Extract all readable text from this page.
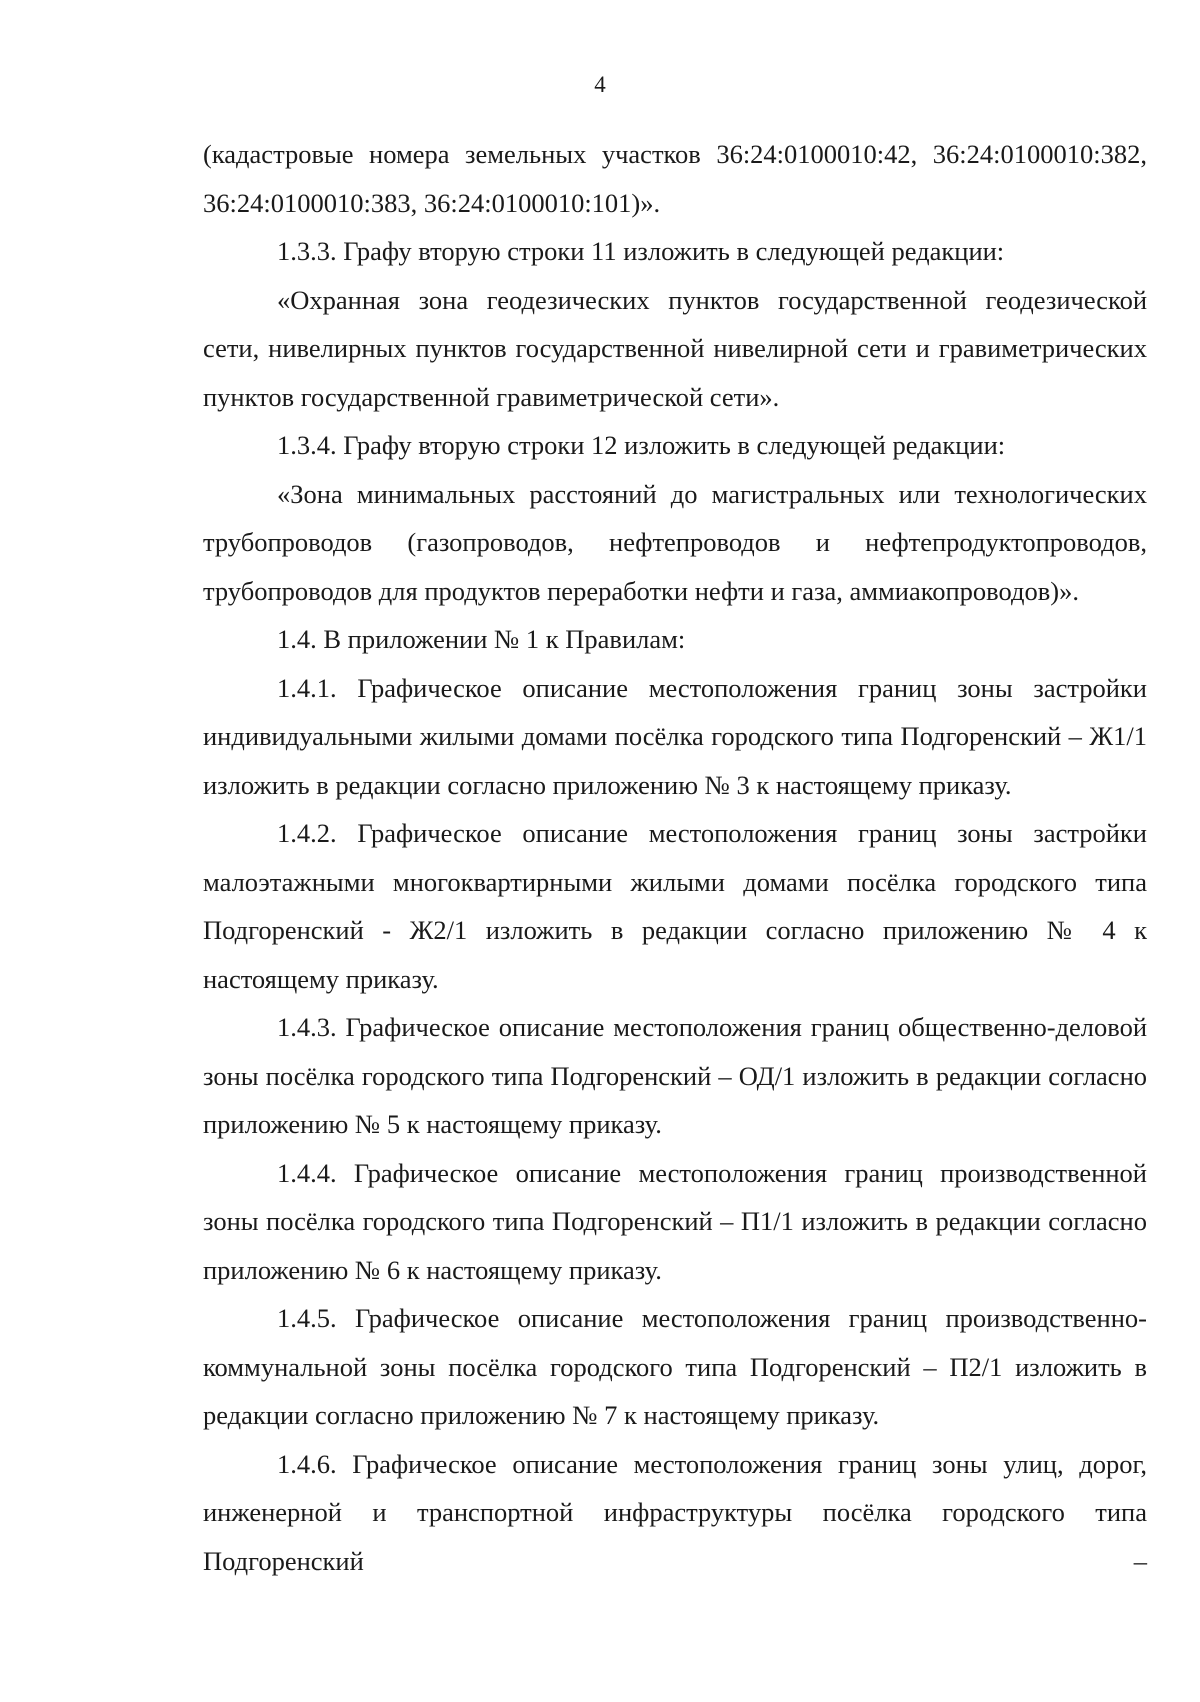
4

(кадастровые номера земельных участков 36:24:0100010:42, 36:24:0100010:382, 36:24:0100010:383, 36:24:0100010:101)».

1.3.3. Графу вторую строки 11 изложить в следующей редакции:

«Охранная зона геодезических пунктов государственной геодезической сети, нивелирных пунктов государственной нивелирной сети и гравиметрических пунктов государственной гравиметрической сети».

1.3.4. Графу вторую строки 12 изложить в следующей редакции:

«Зона минимальных расстояний до магистральных или технологических трубопроводов (газопроводов, нефтепроводов и нефтепродуктопроводов, трубопроводов для продуктов переработки нефти и газа, аммиакопроводов)».

1.4. В приложении № 1 к Правилам:

1.4.1. Графическое описание местоположения границ зоны застройки индивидуальными жилыми домами посёлка городского типа Подгоренский – Ж1/1 изложить в редакции согласно приложению № 3 к настоящему приказу.

1.4.2. Графическое описание местоположения границ зоны застройки малоэтажными многоквартирными жилыми домами посёлка городского типа Подгоренский - Ж2/1 изложить в редакции согласно приложению № 4 к настоящему приказу.

1.4.3. Графическое описание местоположения границ общественно-деловой зоны посёлка городского типа Подгоренский – ОД/1 изложить в редакции согласно приложению № 5 к настоящему приказу.

1.4.4. Графическое описание местоположения границ производственной зоны посёлка городского типа Подгоренский – П1/1 изложить в редакции согласно приложению № 6 к настоящему приказу.

1.4.5. Графическое описание местоположения границ производственно-коммунальной зоны посёлка городского типа Подгоренский – П2/1 изложить в редакции согласно приложению № 7 к настоящему приказу.

1.4.6. Графическое описание местоположения границ зоны улиц, дорог, инженерной и транспортной инфраструктуры посёлка городского типа Подгоренский –
